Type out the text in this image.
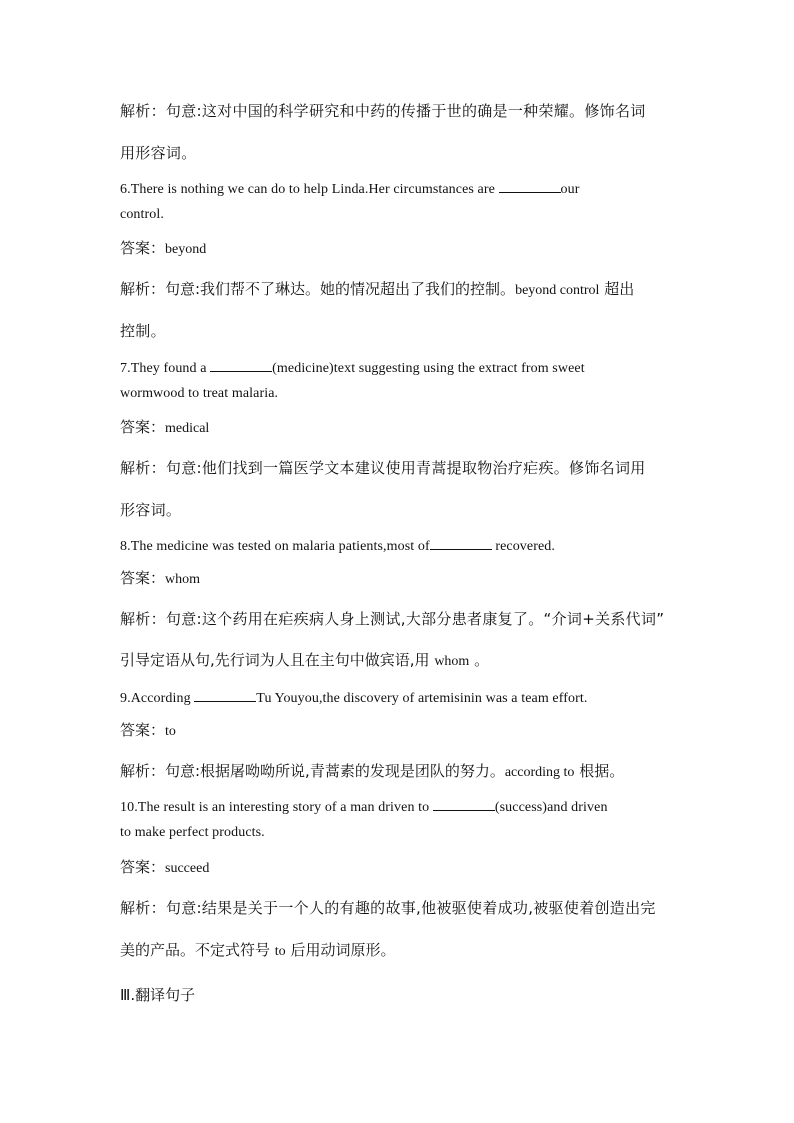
解析：句意:这对中国的科学研究和中药的传播于世的确是一种荣耀。修饰名词
用形容词。
6.There is nothing we can do to help Linda.Her circumstances are	our
control.
答案：beyond
解析：句意:我们帮不了琳达。她的情况超出了我们的控制。beyond control 超出
控制。
7.They found a	(medicine)text suggesting using the extract from sweet
wormwood to treat malaria.
答案：medical
解析：句意:他们找到一篇医学文本建议使用青蒿提取物治疗疟疾。修饰名词用
形容词。
8.The medicine was tested on malaria patients,most of	recovered.
答案：whom
解析：句意:这个药用在疟疾病人身上测试,大部分患者康复了。“介词+关系代词”
引导定语从句,先行词为人且在主句中做宾语,用 whom 。
9.According	Tu Youyou,the discovery of artemisinin was a team effort.
答案：to
解析：句意:根据屠呦呦所说,青蒿素的发现是团队的努力。according to 根据。
10.The result is an interesting story of a man driven to	(success)and driven
to make perfect products.
答案：succeed
解析：句意:结果是关于一个人的有趣的故事,他被驱使着成功,被驱使着创造出完
美的产品。不定式符号 to 后用动词原形。
Ⅲ.翻译句子
